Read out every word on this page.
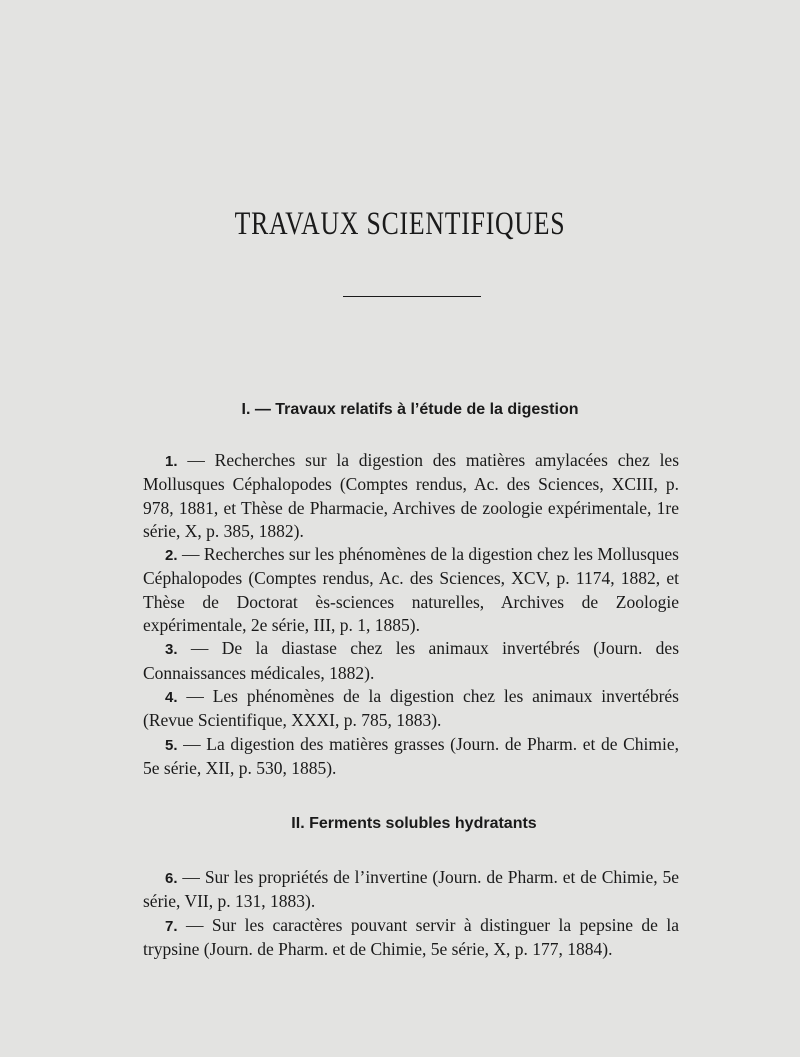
TRAVAUX SCIENTIFIQUES
I. — Travaux relatifs à l’étude de la digestion

1. — Recherches sur la digestion des matières amylacées chez les Mollusques Céphalopodes (Comptes rendus, Ac. des Sciences, XCIII, p. 978, 1881, et Thèse de Pharmacie, Archives de zoologie expérimentale, 1re série, X, p. 385, 1882).

2. — Recherches sur les phénomènes de la digestion chez les Mollusques Céphalopodes (Comptes rendus, Ac. des Sciences, XCV, p. 1174, 1882, et Thèse de Doctorat ès-sciences naturelles, Archives de Zoologie expérimentale, 2e série, III, p. 1, 1885).

3. — De la diastase chez les animaux invertébrés (Journ. des Connaissances médicales, 1882).

4. — Les phénomènes de la digestion chez les animaux invertébrés (Revue Scientifique, XXXI, p. 785, 1883).

5. — La digestion des matières grasses (Journ. de Pharm. et de Chimie, 5e série, XII, p. 530, 1885).

II. Ferments solubles hydratants

6. — Sur les propriétés de l’invertine (Journ. de Pharm. et de Chimie, 5e série, VII, p. 131, 1883).

7. — Sur les caractères pouvant servir à distinguer la pepsine de la trypsine (Journ. de Pharm. et de Chimie, 5e série, X, p. 177, 1884).
